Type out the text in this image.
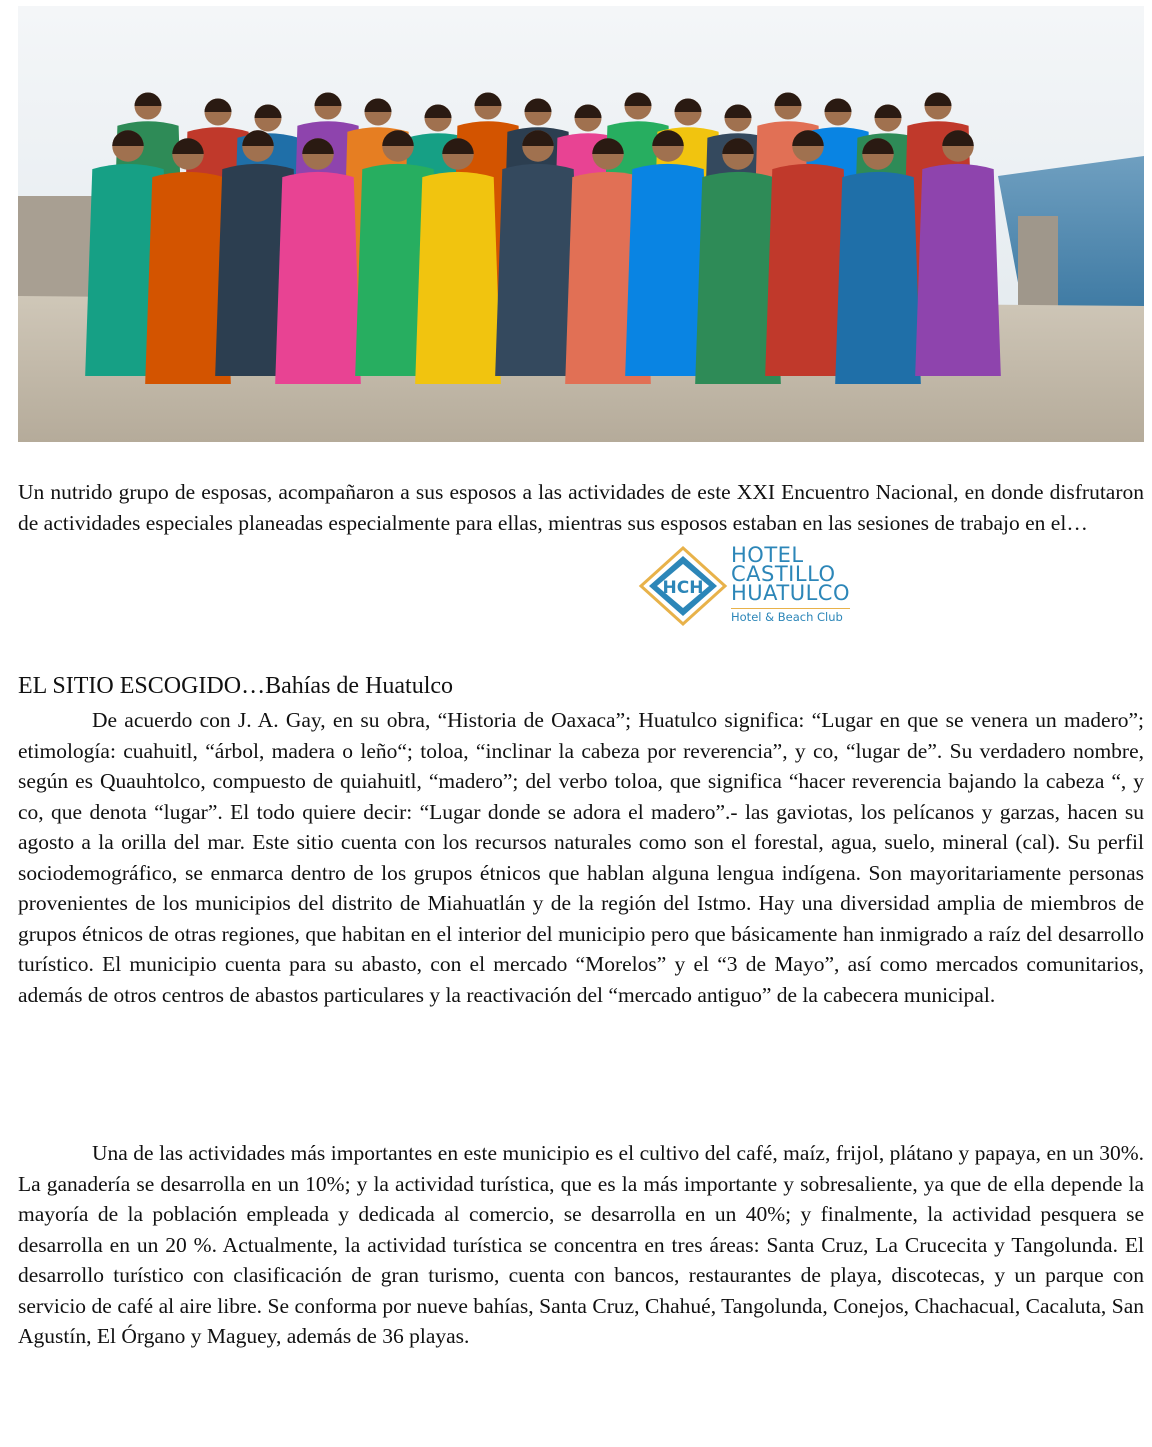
Un nutrido grupo de esposas, acompañaron a sus esposos a las actividades de este XXI Encuentro Nacional, en donde disfrutaron de actividades especiales planeadas especialmente para ellas, mientras sus esposos estaban en las sesiones de trabajo en el…

HCH
HOTEL
CASTILLO
HUATULCO
Hotel & Beach Club
EL SITIO ESCOGIDO…Bahías de Huatulco

De acuerdo con J. A. Gay, en su obra, “Historia de Oaxaca”; Huatulco significa: “Lugar en que se venera un madero”; etimología: cuahuitl, “árbol, madera o leño“; toloa, “inclinar la cabeza por reverencia”, y co, “lugar de”. Su verdadero nombre, según es Quauhtolco, compuesto de quiahuitl, “madero”; del verbo toloa, que significa “hacer reverencia bajando la cabeza “, y co, que denota “lugar”. El todo quiere decir: “Lugar donde se adora el madero”.- las gaviotas, los pelícanos y garzas, hacen su agosto a la orilla del mar. Este sitio cuenta con los recursos naturales como son el forestal, agua, suelo, mineral (cal). Su perfil sociodemográfico, se enmarca dentro de los grupos étnicos que hablan alguna lengua indígena. Son mayoritariamente personas provenientes de los municipios del distrito de Miahuatlán y de la región del Istmo. Hay una diversidad amplia de miembros de grupos étnicos de otras regiones, que habitan en el interior del municipio pero que básicamente han inmigrado a raíz del desarrollo turístico. El municipio cuenta para su abasto, con el mercado “Morelos” y el “3 de Mayo”, así como mercados comunitarios, además de otros centros de abastos particulares y la reactivación del “mercado antiguo” de la cabecera municipal.

Una de las actividades más importantes en este municipio es el cultivo del café, maíz, frijol, plátano y papaya, en un 30%. La ganadería se desarrolla en un 10%; y la actividad turística, que es la más importante y sobresaliente, ya que de ella depende la mayoría de la población empleada y dedicada al comercio, se desarrolla en un 40%; y finalmente, la actividad pesquera se desarrolla en un 20 %. Actualmente, la actividad turística se concentra en tres áreas: Santa Cruz, La Crucecita y Tangolunda. El desarrollo turístico con clasificación de gran turismo, cuenta con bancos, restaurantes de playa, discotecas, y un parque con servicio de café al aire libre. Se conforma por nueve bahías, Santa Cruz, Chahué, Tangolunda, Conejos, Chachacual, Cacaluta, San Agustín, El Órgano y Maguey, además de 36 playas.
